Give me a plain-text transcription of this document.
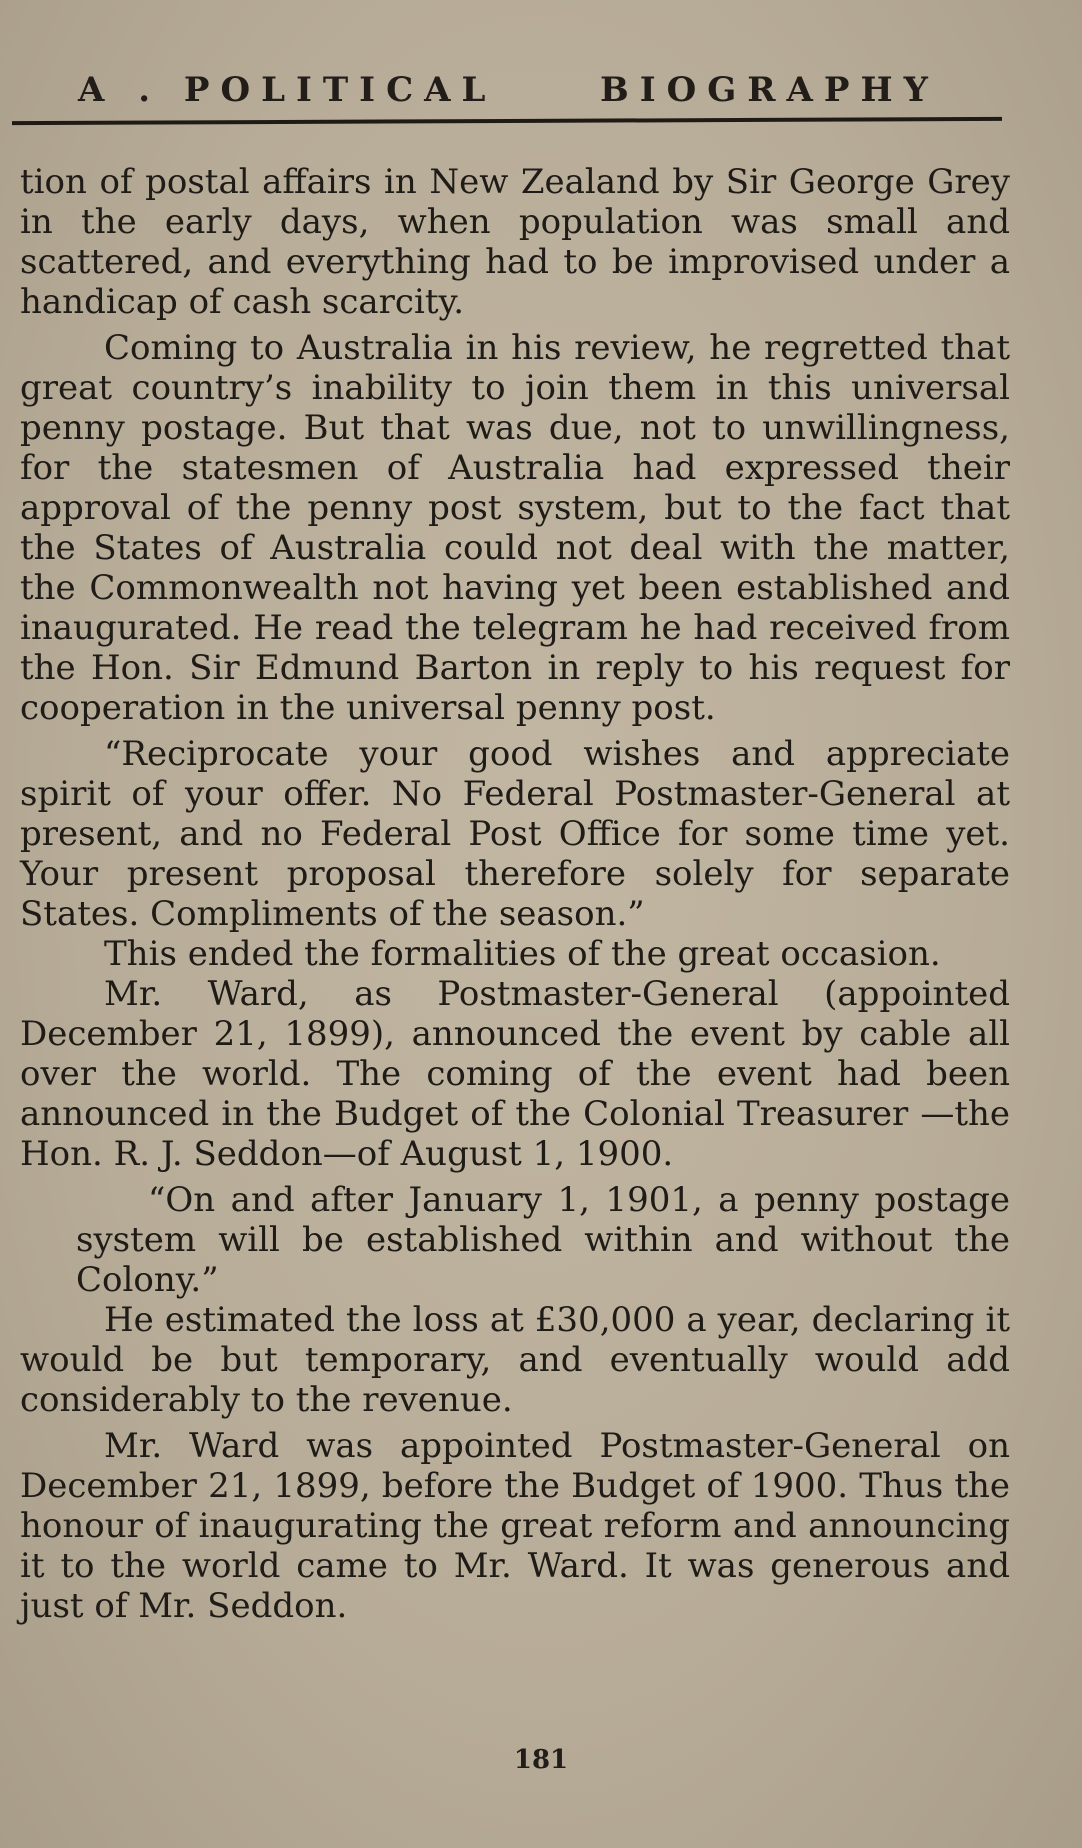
A . POLITICAL	BIOGRAPHY

tion of postal affairs in New Zealand by Sir George Grey in the early days, when population was small and scattered, and everything had to be improvised under a handicap of cash scarcity.

Coming to Australia in his review, he regretted that great country’s inability to join them in this universal penny postage. But that was due, not to unwillingness, for the statesmen of Australia had expressed their approval of the penny post system, but to the fact that the States of Australia could not deal with the matter, the Commonwealth not having yet been established and inaugurated. He read the telegram he had received from the Hon. Sir Edmund Barton in reply to his request for cooperation in the universal penny post.

“Reciprocate your good wishes and appreciate spirit of your offer. No Federal Postmaster-General at present, and no Federal Post Office for some time yet. Your present proposal therefore solely for separate States. Compliments of the season.”

This ended the formalities of the great occasion.

Mr. Ward, as Postmaster-General (appointed December 21, 1899), announced the event by cable all over the world. The coming of the event had been announced in the Budget of the Colonial Treasurer —the Hon. R. J. Seddon—of August 1, 1900.

“On and after January 1, 1901, a penny postage system will be established within and without the Colony.”

He estimated the loss at £30,000 a year, declaring it would be but temporary, and eventually would add considerably to the revenue.

Mr. Ward was appointed Postmaster-General on December 21, 1899, before the Budget of 1900. Thus the honour of inaugurating the great reform and announcing it to the world came to Mr. Ward. It was generous and just of Mr. Seddon.

181
